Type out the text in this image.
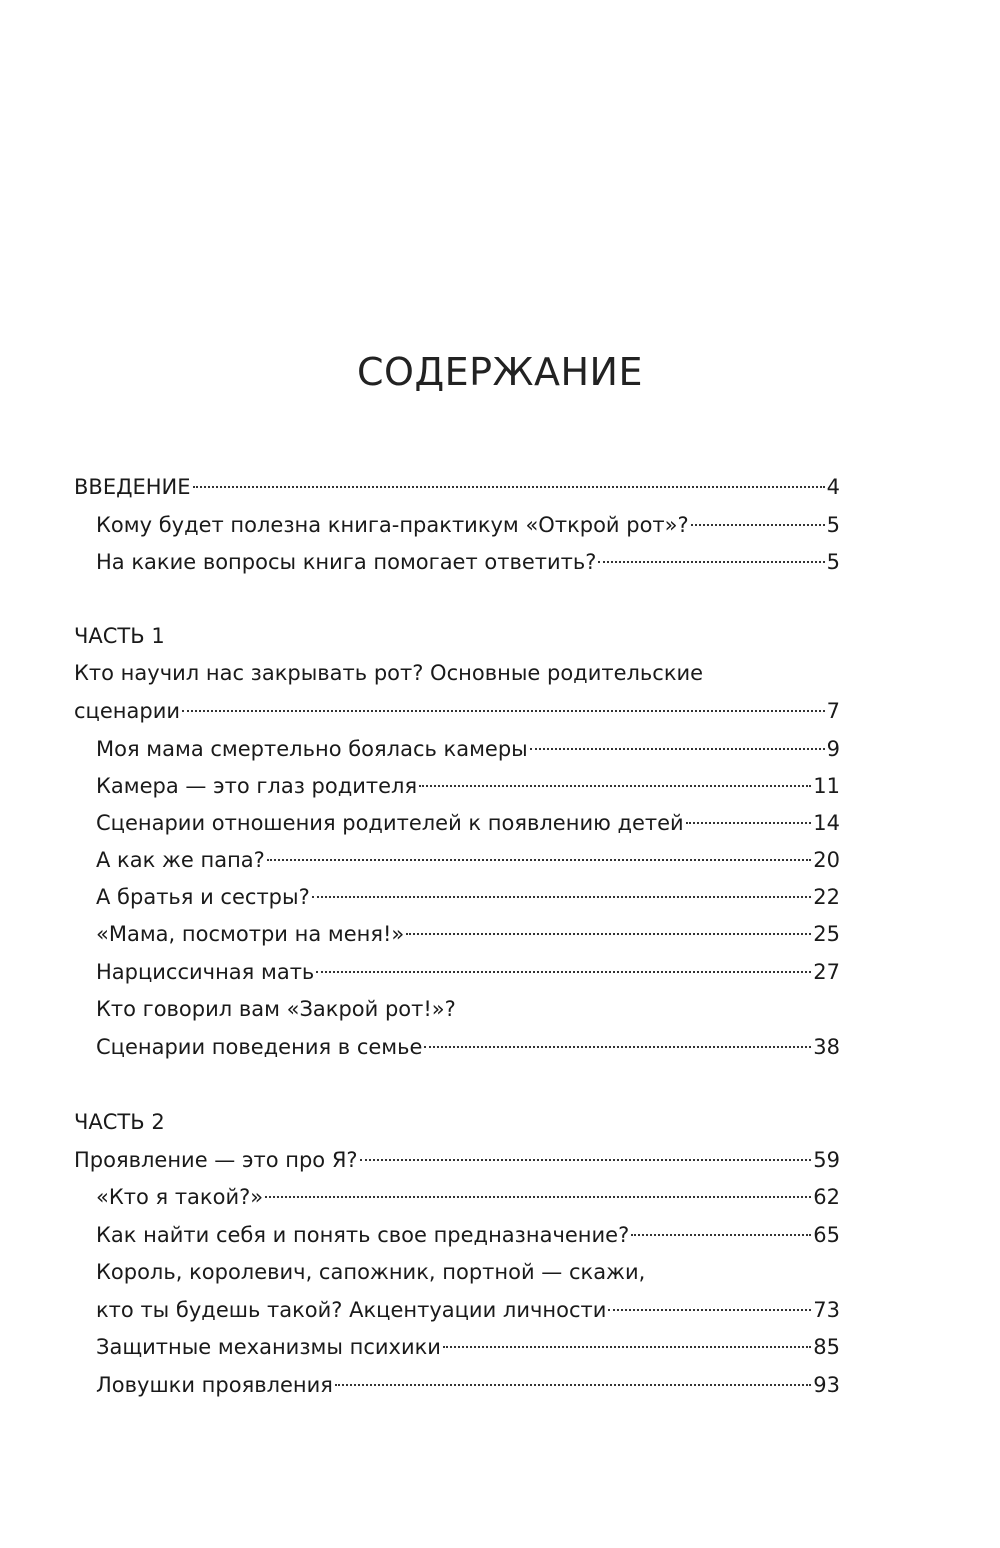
СОДЕРЖАНИЕ
ВВЕДЕНИЕ	4
Кому будет полезна книга-практикум «Открой рот»?	5
На какие вопросы книга помогает ответить?	5
ЧАСТЬ 1
Кто научил нас закрывать рот? Основные родительские
сценарии	7
Моя мама смертельно боялась камеры	9
Камера — это глаз родителя	11
Сценарии отношения родителей к появлению детей	14
А как же папа?	20
А братья и сестры?	22
«Мама, посмотри на меня!»	25
Нарциссичная мать	27
Кто говорил вам «Закрой рот!»?
Сценарии поведения в семье	38
ЧАСТЬ 2
Проявление — это про Я?	59
«Кто я такой?»	62
Как найти себя и понять свое предназначение?	65
Король, королевич, сапожник, портной — скажи,
кто ты будешь такой? Акцентуации личности	73
Защитные механизмы психики	85
Ловушки проявления	93
